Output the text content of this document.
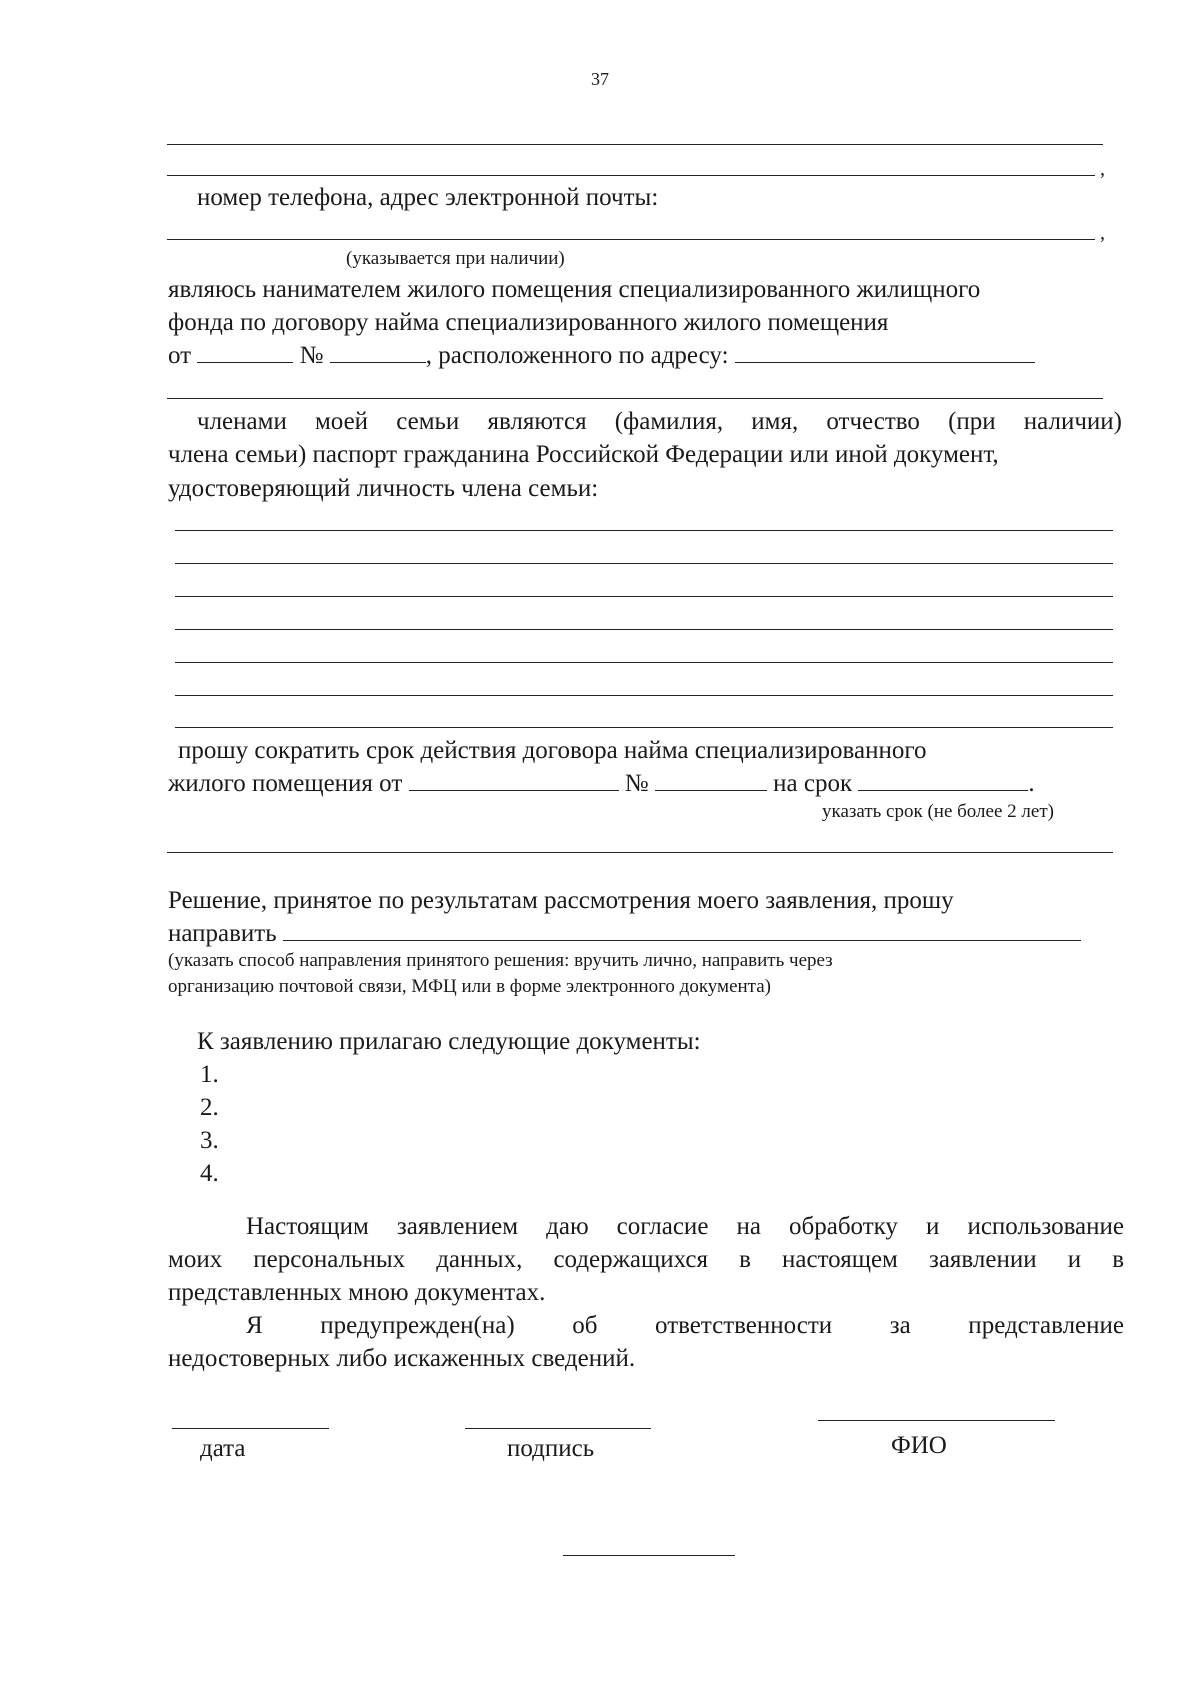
37
,
номер телефона, адрес электронной почты:
,
(указывается при наличии)
являюсь нанимателем жилого помещения специализированного жилищного
фонда по договору найма специализированного жилого помещения
от	№	, расположенного по адресу:
членами моей семьи являются (фамилия, имя, отчество (при наличии)
члена семьи) паспорт гражданина Российской Федерации или иной документ,
удостоверяющий личность члена семьи:
прошу сократить срок действия договора найма специализированного
жилого помещения от	№	на срок	.
указать срок (не более 2 лет)
Решение, принятое по результатам рассмотрения моего заявления, прошу
направить
(указать способ направления принятого решения: вручить лично, направить через
организацию почтовой связи, МФЦ или в форме электронного документа)
К заявлению прилагаю следующие документы:
1.
2.
3.
4.
Настоящим заявлением даю согласие на обработку и использование
моих персональных данных, содержащихся в настоящем заявлении и в
представленных мною документах.
Я предупрежден(на) об ответственности за представление
недостоверных либо искаженных сведений.
дата	подпись	ФИО
